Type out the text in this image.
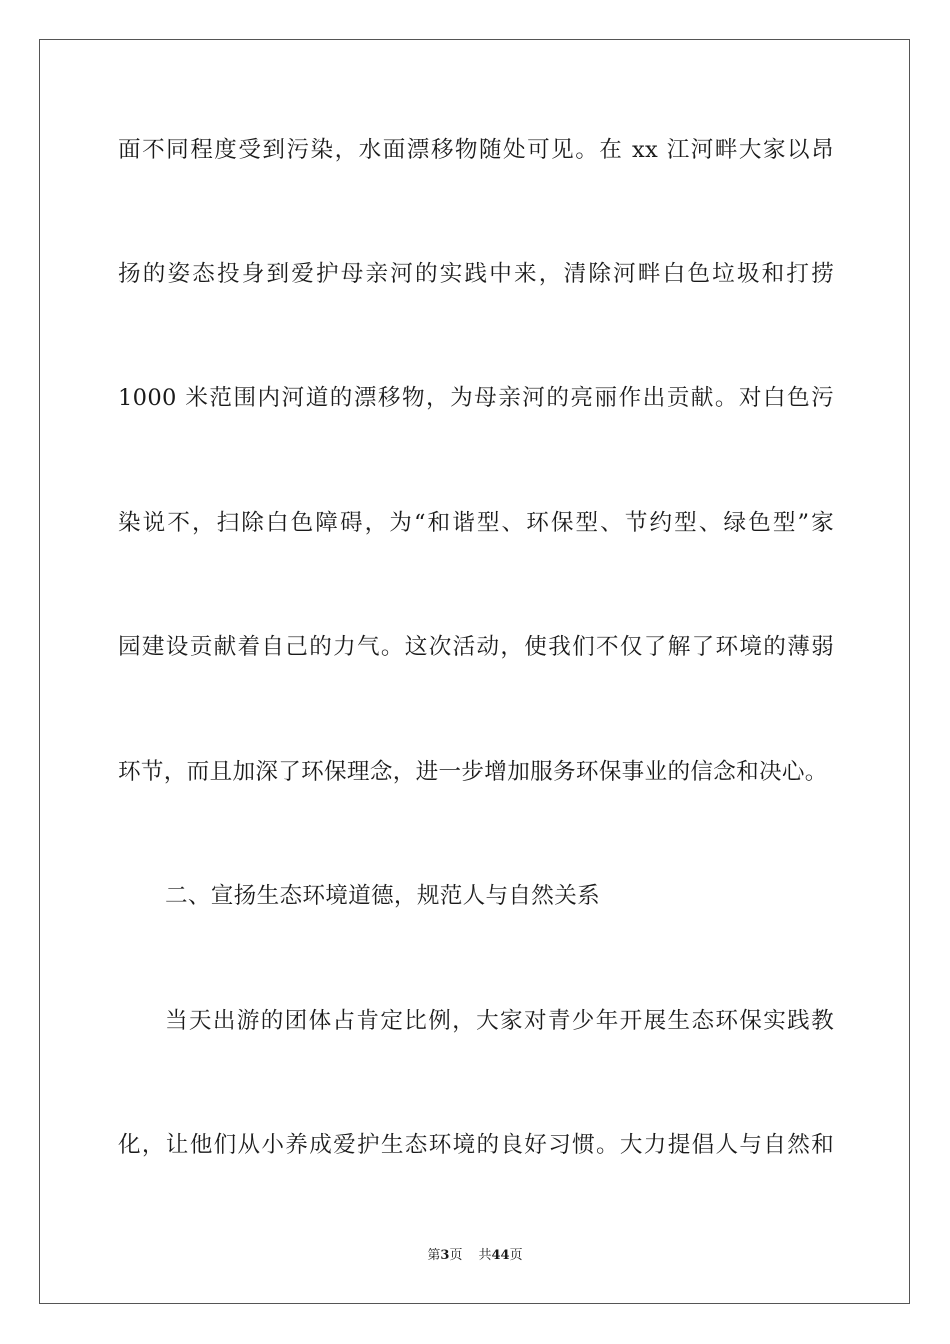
面不同程度受到污染，水面漂移物随处可见。在 xx 江河畔大家以昂
扬的姿态投身到爱护母亲河的实践中来，清除河畔白色垃圾和打捞
1000 米范围内河道的漂移物，为母亲河的亮丽作出贡献。对白色污
染说不，扫除白色障碍，为“和谐型、环保型、节约型、绿色型”家
园建设贡献着自己的力气。这次活动，使我们不仅了解了环境的薄弱
环节，而且加深了环保理念，进一步增加服务环保事业的信念和决心。
二、宣扬生态环境道德，规范人与自然关系
当天出游的团体占肯定比例，大家对青少年开展生态环保实践教
化，让他们从小养成爱护生态环境的良好习惯。大力提倡人与自然和
第3页 共44页
